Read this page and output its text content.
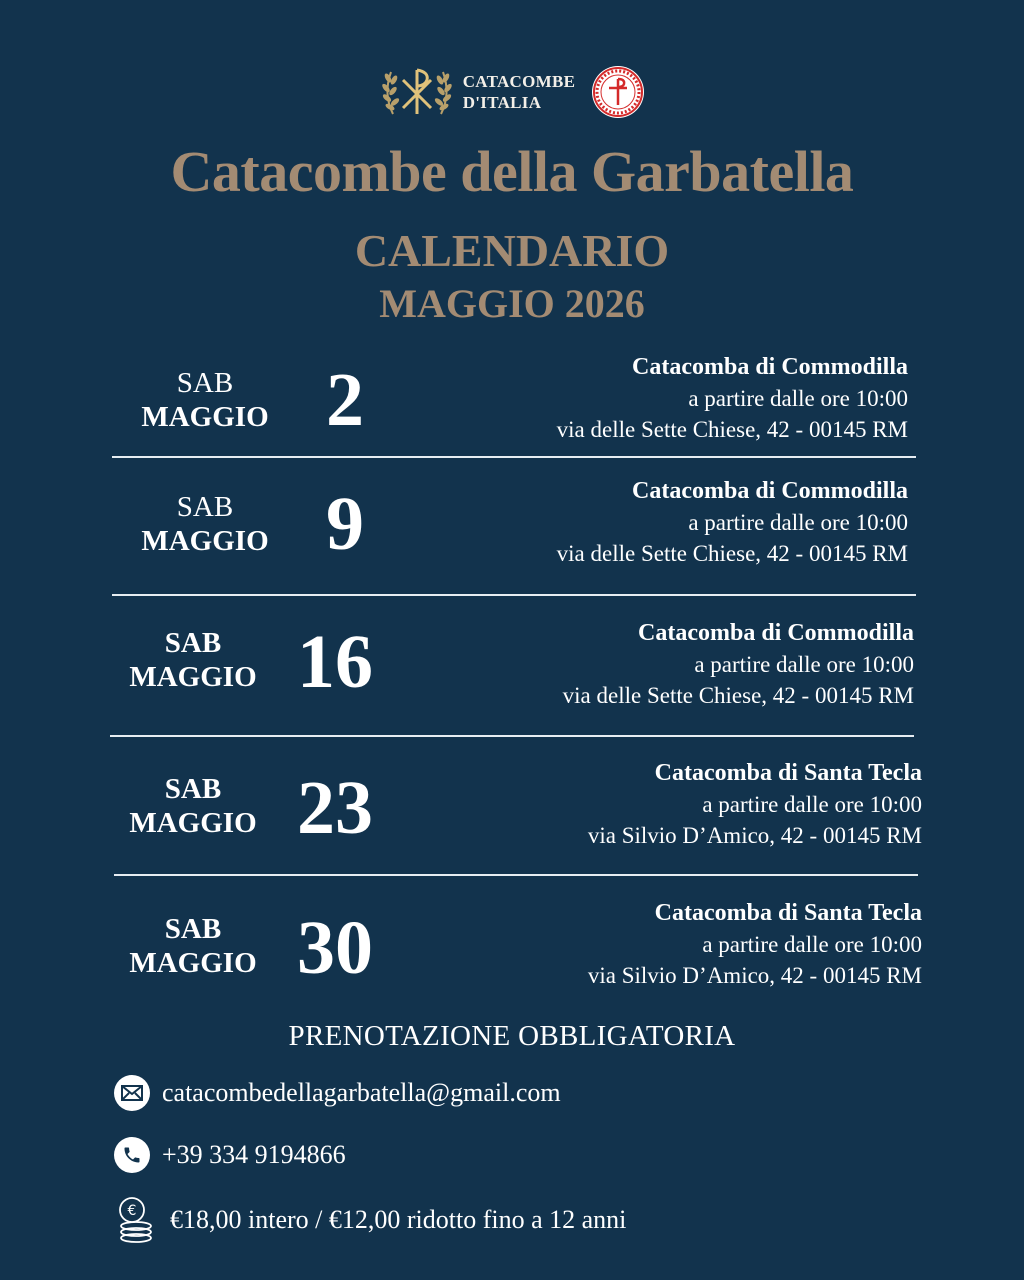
CATACOMBE
D'ITALIA
Catacombe della Garbatella
CALENDARIO
MAGGIO 2026
SAB
MAGGIO 2	Catacomba di Commodilla
a partire dalle ore 10:00
via delle Sette Chiese, 42 - 00145 RM
SAB
MAGGIO 9	Catacomba di Commodilla
a partire dalle ore 10:00
via delle Sette Chiese, 42 - 00145 RM
SAB
MAGGIO 16	Catacomba di Commodilla
a partire dalle ore 10:00
via delle Sette Chiese, 42 - 00145 RM
SAB
MAGGIO 23	Catacomba di Santa Tecla
a partire dalle ore 10:00
via Silvio D’Amico, 42 - 00145 RM
SAB
MAGGIO 30	Catacomba di Santa Tecla
a partire dalle ore 10:00
via Silvio D’Amico, 42 - 00145 RM
PRENOTAZIONE OBBLIGATORIA
catacombedellagarbatella@gmail.com
+39 334 9194866
€ €18,00 intero / €12,00 ridotto fino a 12 anni
